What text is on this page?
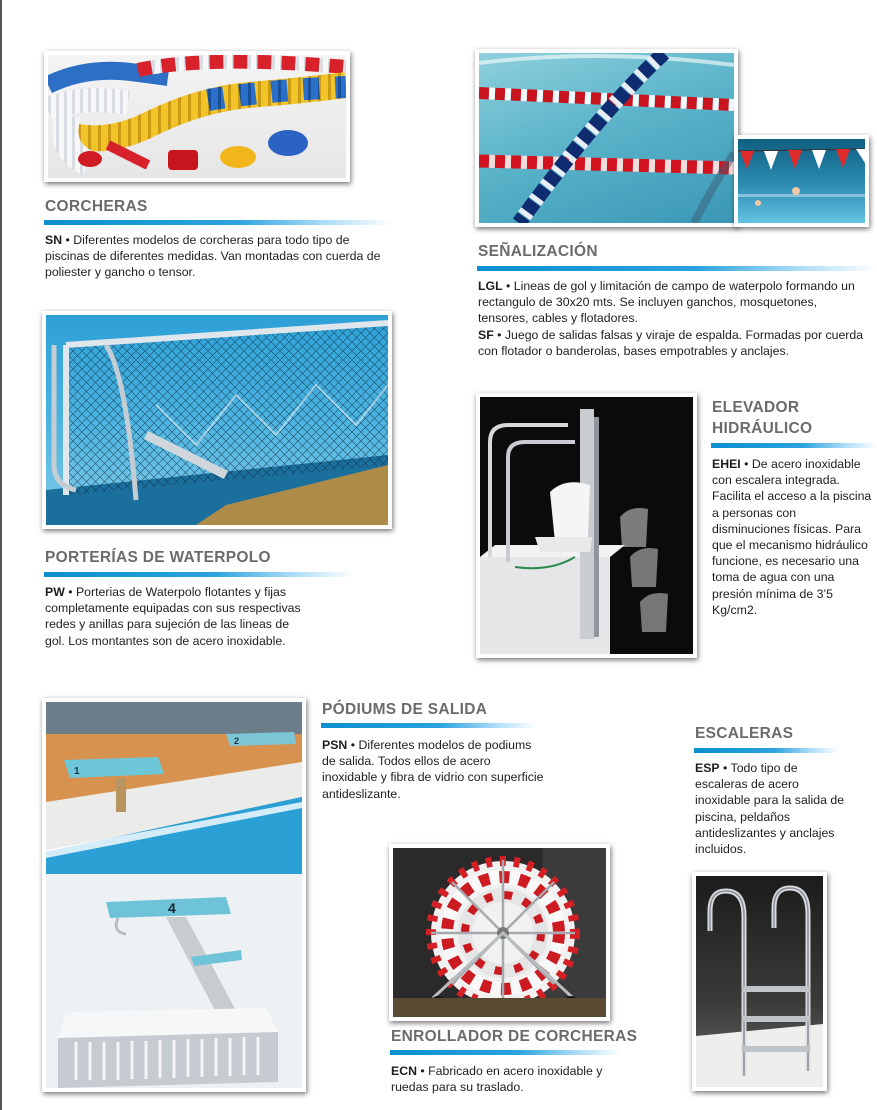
CORCHERAS

SN • Diferentes modelos de corcheras para todo tipo de piscinas de diferentes medidas. Van montadas con cuerda de poliester y gancho o tensor.

SEÑALIZACIÓN

LGL • Lineas de gol y limitación de campo de waterpolo formando un rectangulo de 30x20 mts. Se incluyen ganchos, mosquetones, tensores, cables y flotadores.

SF • Juego de salidas falsas y viraje de espalda. Formadas por cuerda con flotador o banderolas, bases empotrables y anclajes.

PORTERÍAS DE WATERPOLO

PW • Porterias de Waterpolo flotantes y fijas completamente equipadas con sus respectivas redes y anillas para sujeción de las lineas de gol. Los montantes son de acero inoxidable.

ELEVADOR
HIDRÁULICO

EHEI • De acero inoxidable con escalera integrada. Facilita el acceso a la piscina a personas con disminuciones físicas. Para que el mecanismo hidráulico funcione, es necesario una toma de agua con una presión mínima de 3’5 Kg/cm2.

1
2
4
PÓDIUMS DE SALIDA

PSN • Diferentes modelos de podiums de salida. Todos ellos de acero inoxidable y fibra de vidrio con superficie antideslizante.

ESCALERAS

ESP • Todo tipo de escaleras de acero inoxidable para la salida de piscina, peldaños antideslizantes y anclajes incluidos.

ENROLLADOR DE CORCHERAS

ECN • Fabricado en acero inoxidable y ruedas para su traslado.
